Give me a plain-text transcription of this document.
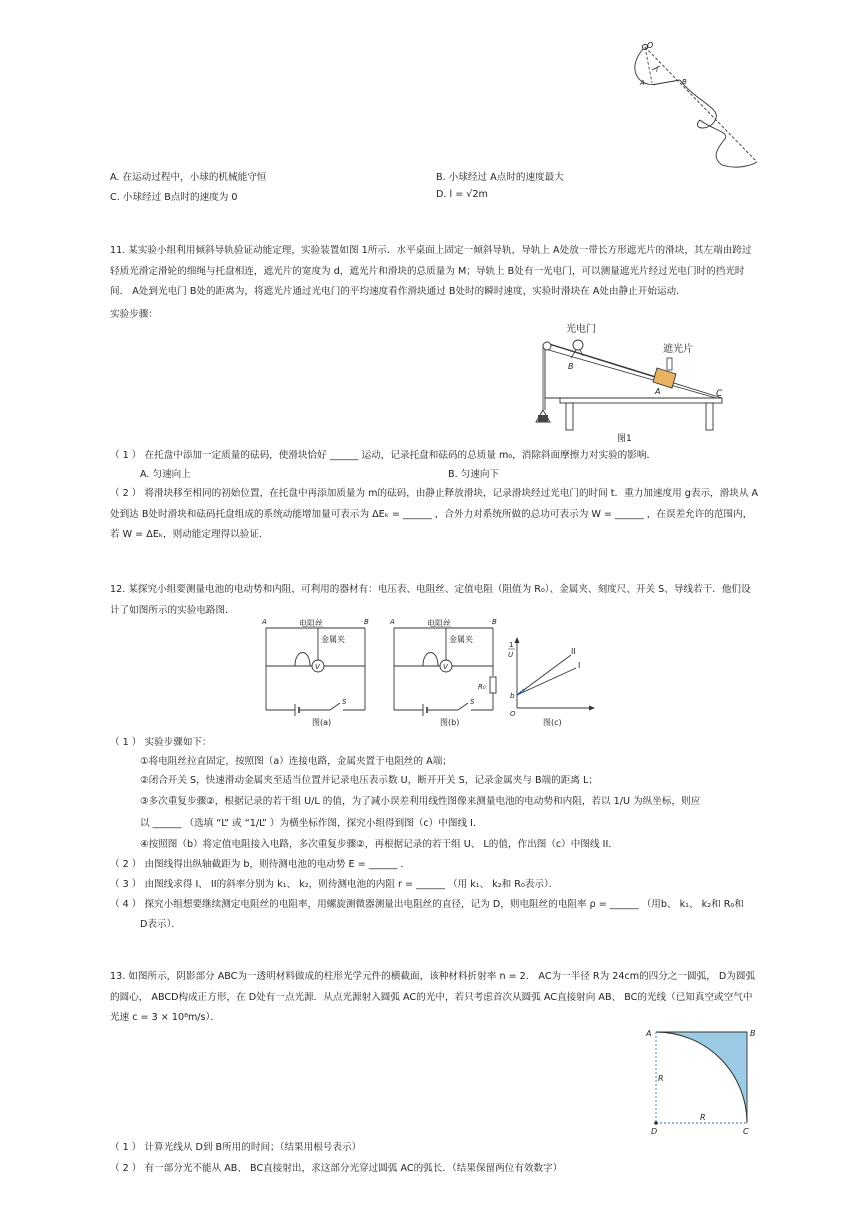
O
A	B
l
A. 在运动过程中，小球的机械能守恒	B. 小球经过 A点时的速度最大
C. 小球经过 B点时的速度为 0	D. l = √2m
11. 某实验小组利用倾斜导轨验证动能定理，实验装置如图 1所示．水平桌面上固定一倾斜导轨，导轨上 A处放一带长方形遮光片的滑块，其左端由跨过轻质光滑定滑轮的细绳与托盘相连，遮光片的宽度为 d，遮光片和滑块的总质量为 M；导轨上 B处有一光电门，可以测量遮光片经过光电门时的挡光时间． A处到光电门 B处的距离为，将遮光片通过光电门的平均速度看作滑块通过 B处时的瞬时速度，实验时滑块在 A处由静止开始运动．
实验步骤：
光电门
遮光片
B
A	C
图1
（ 1 ） 在托盘中添加一定质量的砝码，使滑块恰好 ______ 运动，记录托盘和砝码的总质量 m₀，消除斜面摩擦力对实验的影响．
A. 匀速向上	B. 匀速向下
（ 2 ） 将滑块移至相同的初始位置，在托盘中再添加质量为 m的砝码，由静止释放滑块，记录滑块经过光电门的时间 t．重力加速度用 g表示，滑块从 A处到达 B处时滑块和砝码托盘组成的系统动能增加量可表示为 ΔEₖ = ______ ，合外力对系统所做的总功可表示为 W = ______ ，在误差允许的范围内，若 W = ΔEₖ，则动能定理得以验证．
12. 某探究小组要测量电池的电动势和内阻，可利用的器材有：电压表、电阻丝、定值电阻（阻值为 R₀）、金属夹、刻度尺、开关 S、导线若干．他们设计了如图所示的实验电路图．
A	B
电阻丝
金属夹
V
S
图(a)
A	B
电阻丝
金属夹
V
R₀
S
图(b)
1
U	II
I
b
O
图(c)
（ 1 ） 实验步骤如下：
①将电阻丝拉直固定，按照图（a）连接电路，金属夹置于电阻丝的 A端；
②闭合开关 S，快速滑动金属夹至适当位置并记录电压表示数 U，断开开关 S，记录金属夹与 B端的距离 L；
③多次重复步骤②，根据记录的若干组 U/L 的值，为了减小误差利用线性图像来测量电池的电动势和内阻，若以 1/U 为纵坐标，则应
以 ______ （选填 “L” 或 “1/L” ）为横坐标作图，探究小组得到图（c）中图线 I．
④按照图（b）将定值电阻接入电路，多次重复步骤②，再根据记录的若干组 U、 L的值，作出图（c）中图线 II．
（ 2 ） 由图线得出纵轴截距为 b，则待测电池的电动势 E = ______ ．
（ 3 ） 由图线求得 I、 II的斜率分别为 k₁、 k₂，则待测电池的内阻 r = ______ （用 k₁、 k₂和 R₀表示）．
（ 4 ） 探究小组想要继续测定电阻丝的电阻率，用螺旋测微器测量出电阻丝的直径，记为 D，则电阻丝的电阻率 ρ = ______ （用b、 k₁、 k₂和 R₀和
D表示）．
13. 如图所示，阴影部分 ABC为一透明材料做成的柱形光学元件的横截面，该种材料折射率 n = 2． AC为一半径 R为 24cm的四分之一圆弧， D为圆弧的圆心， ABCD构成正方形，在 D处有一点光源．从点光源射入圆弧 AC的光中，若只考虑首次从圆弧 AC直接射向 AB、 BC的光线（已知真空或空气中光速 c = 3 × 10⁸m/s）．
A	B
R
R
D	C
（ 1 ） 计算光线从 D到 B所用的时间；（结果用根号表示）
（ 2 ） 有一部分光不能从 AB、 BC直接射出，求这部分光穿过圆弧 AC的弧长．（结果保留两位有效数字）
